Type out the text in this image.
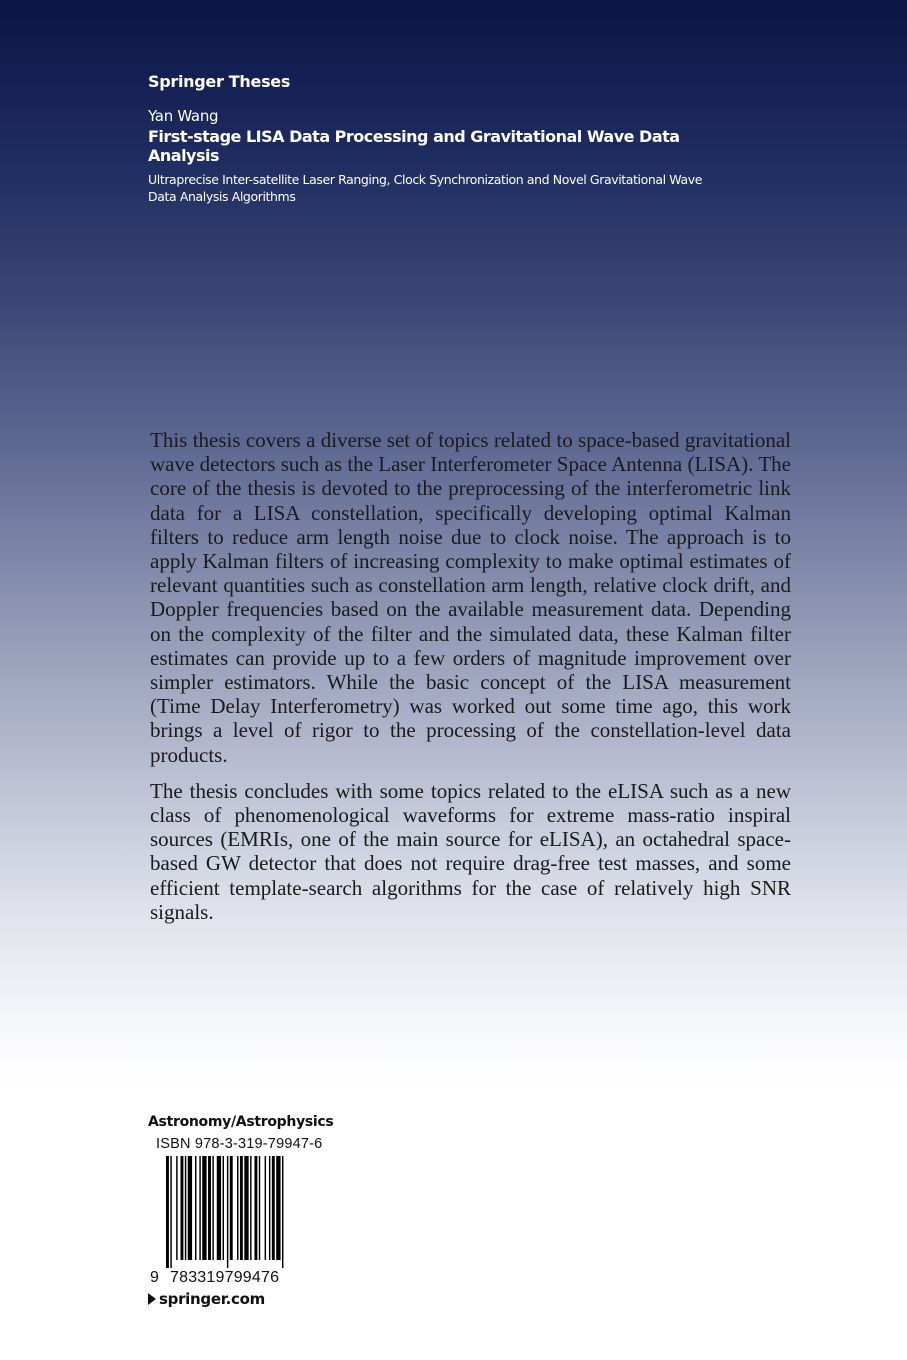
Springer Theses

Yan Wang

First-stage LISA Data Processing and Gravitational Wave Data Analysis

Ultraprecise Inter-satellite Laser Ranging, Clock Synchronization and Novel Gravitational Wave Data Analysis Algorithms

This thesis covers a diverse set of topics related to space-based gravitational wave detectors such as the Laser Interferometer Space Antenna (LISA). The core of the thesis is devoted to the preprocessing of the interferometric link data for a LISA constellation, specifically developing optimal Kalman filters to reduce arm length noise due to clock noise. The approach is to apply Kalman filters of increasing complexity to make optimal estimates of relevant quantities such as constellation arm length, relative clock drift, and Doppler frequencies based on the available measurement data. Depending on the complexity of the filter and the simulated data, these Kalman filter estimates can provide up to a few orders of magnitude improvement over simpler estimators. While the basic concept of the LISA measurement (Time Delay Interferometry) was worked out some time ago, this work brings a level of rigor to the processing of the constellation-level data products.

The thesis concludes with some topics related to the eLISA such as a new class of phenomenological waveforms for extreme mass-ratio inspiral sources (EMRIs, one of the main source for eLISA), an octahedral space-based GW detector that does not require drag-free test masses, and some efficient template-search algorithms for the case of relatively high SNR signals.

Astronomy/Astrophysics

ISBN 978-3-319-79947-6

9 783319799476
springer.com
